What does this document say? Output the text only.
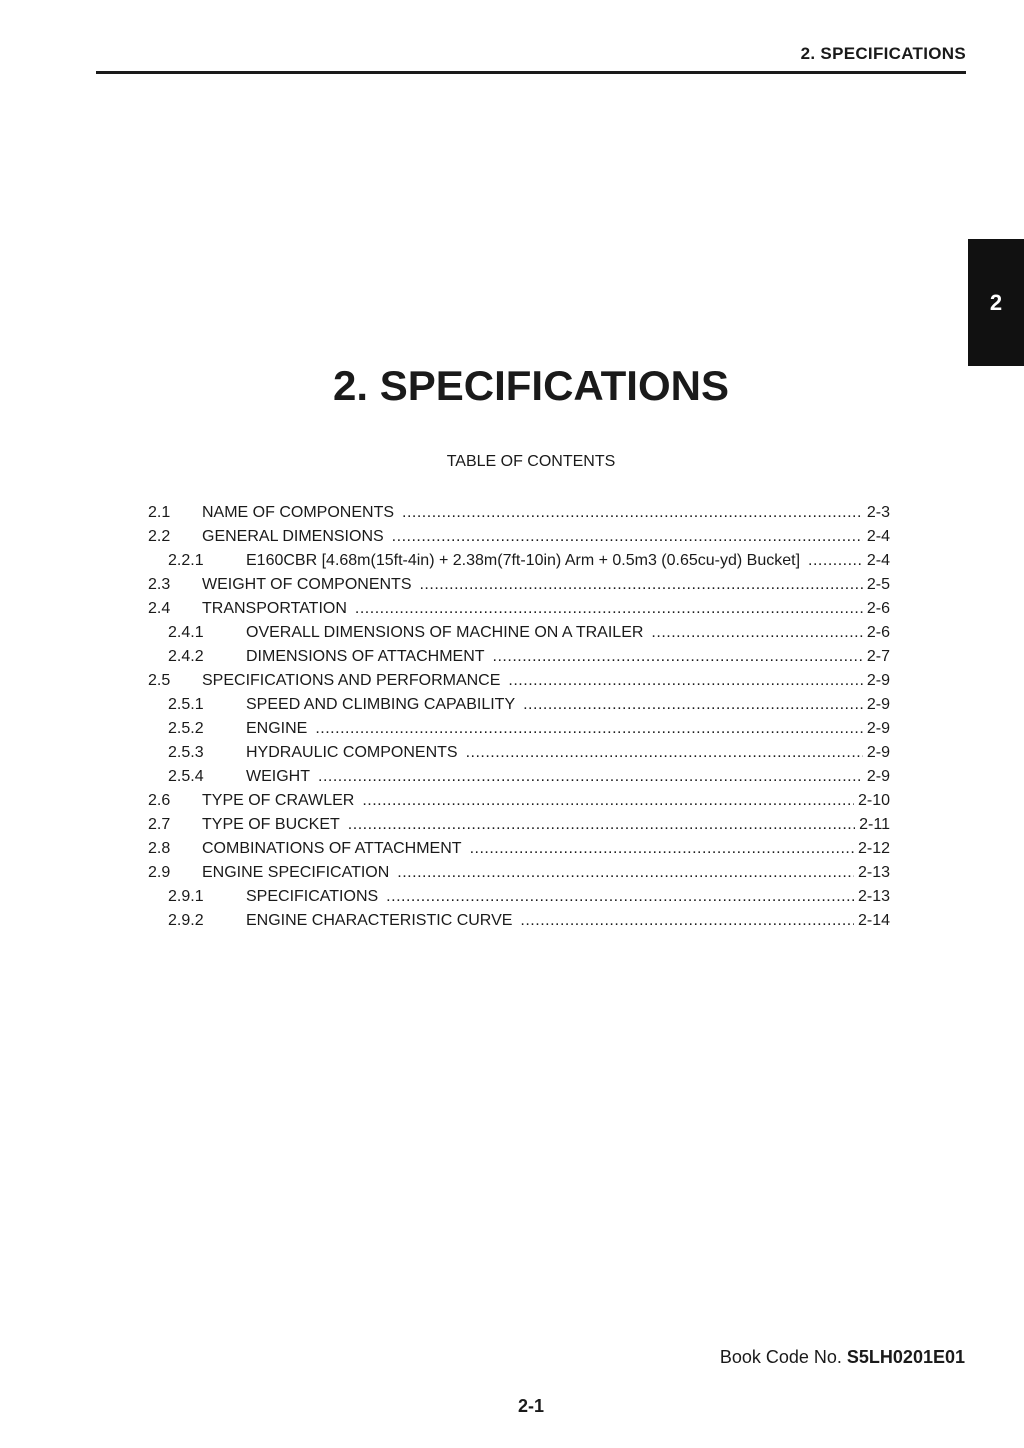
2. SPECIFICATIONS
2
2. SPECIFICATIONS
TABLE OF CONTENTS
2.1	NAME OF COMPONENTS .....	2-3
2.2	GENERAL DIMENSIONS .....	2-4
2.2.1	E160CBR [4.68m(15ft-4in) + 2.38m(7ft-10in) Arm + 0.5m3 (0.65cu-yd) Bucket] .....	2-4
2.3	WEIGHT OF COMPONENTS .....	2-5
2.4	TRANSPORTATION .....	2-6
2.4.1	OVERALL DIMENSIONS OF MACHINE ON A TRAILER .....	2-6
2.4.2	DIMENSIONS OF ATTACHMENT .....	2-7
2.5	SPECIFICATIONS AND PERFORMANCE .....	2-9
2.5.1	SPEED AND CLIMBING CAPABILITY .....	2-9
2.5.2	ENGINE .....	2-9
2.5.3	HYDRAULIC COMPONENTS .....	2-9
2.5.4	WEIGHT .....	2-9
2.6	TYPE OF CRAWLER .....	2-10
2.7	TYPE OF BUCKET .....	2-11
2.8	COMBINATIONS OF ATTACHMENT .....	2-12
2.9	ENGINE SPECIFICATION .....	2-13
2.9.1	SPECIFICATIONS .....	2-13
2.9.2	ENGINE CHARACTERISTIC CURVE .....	2-14
Book Code No. S5LH0201E01
2-1
